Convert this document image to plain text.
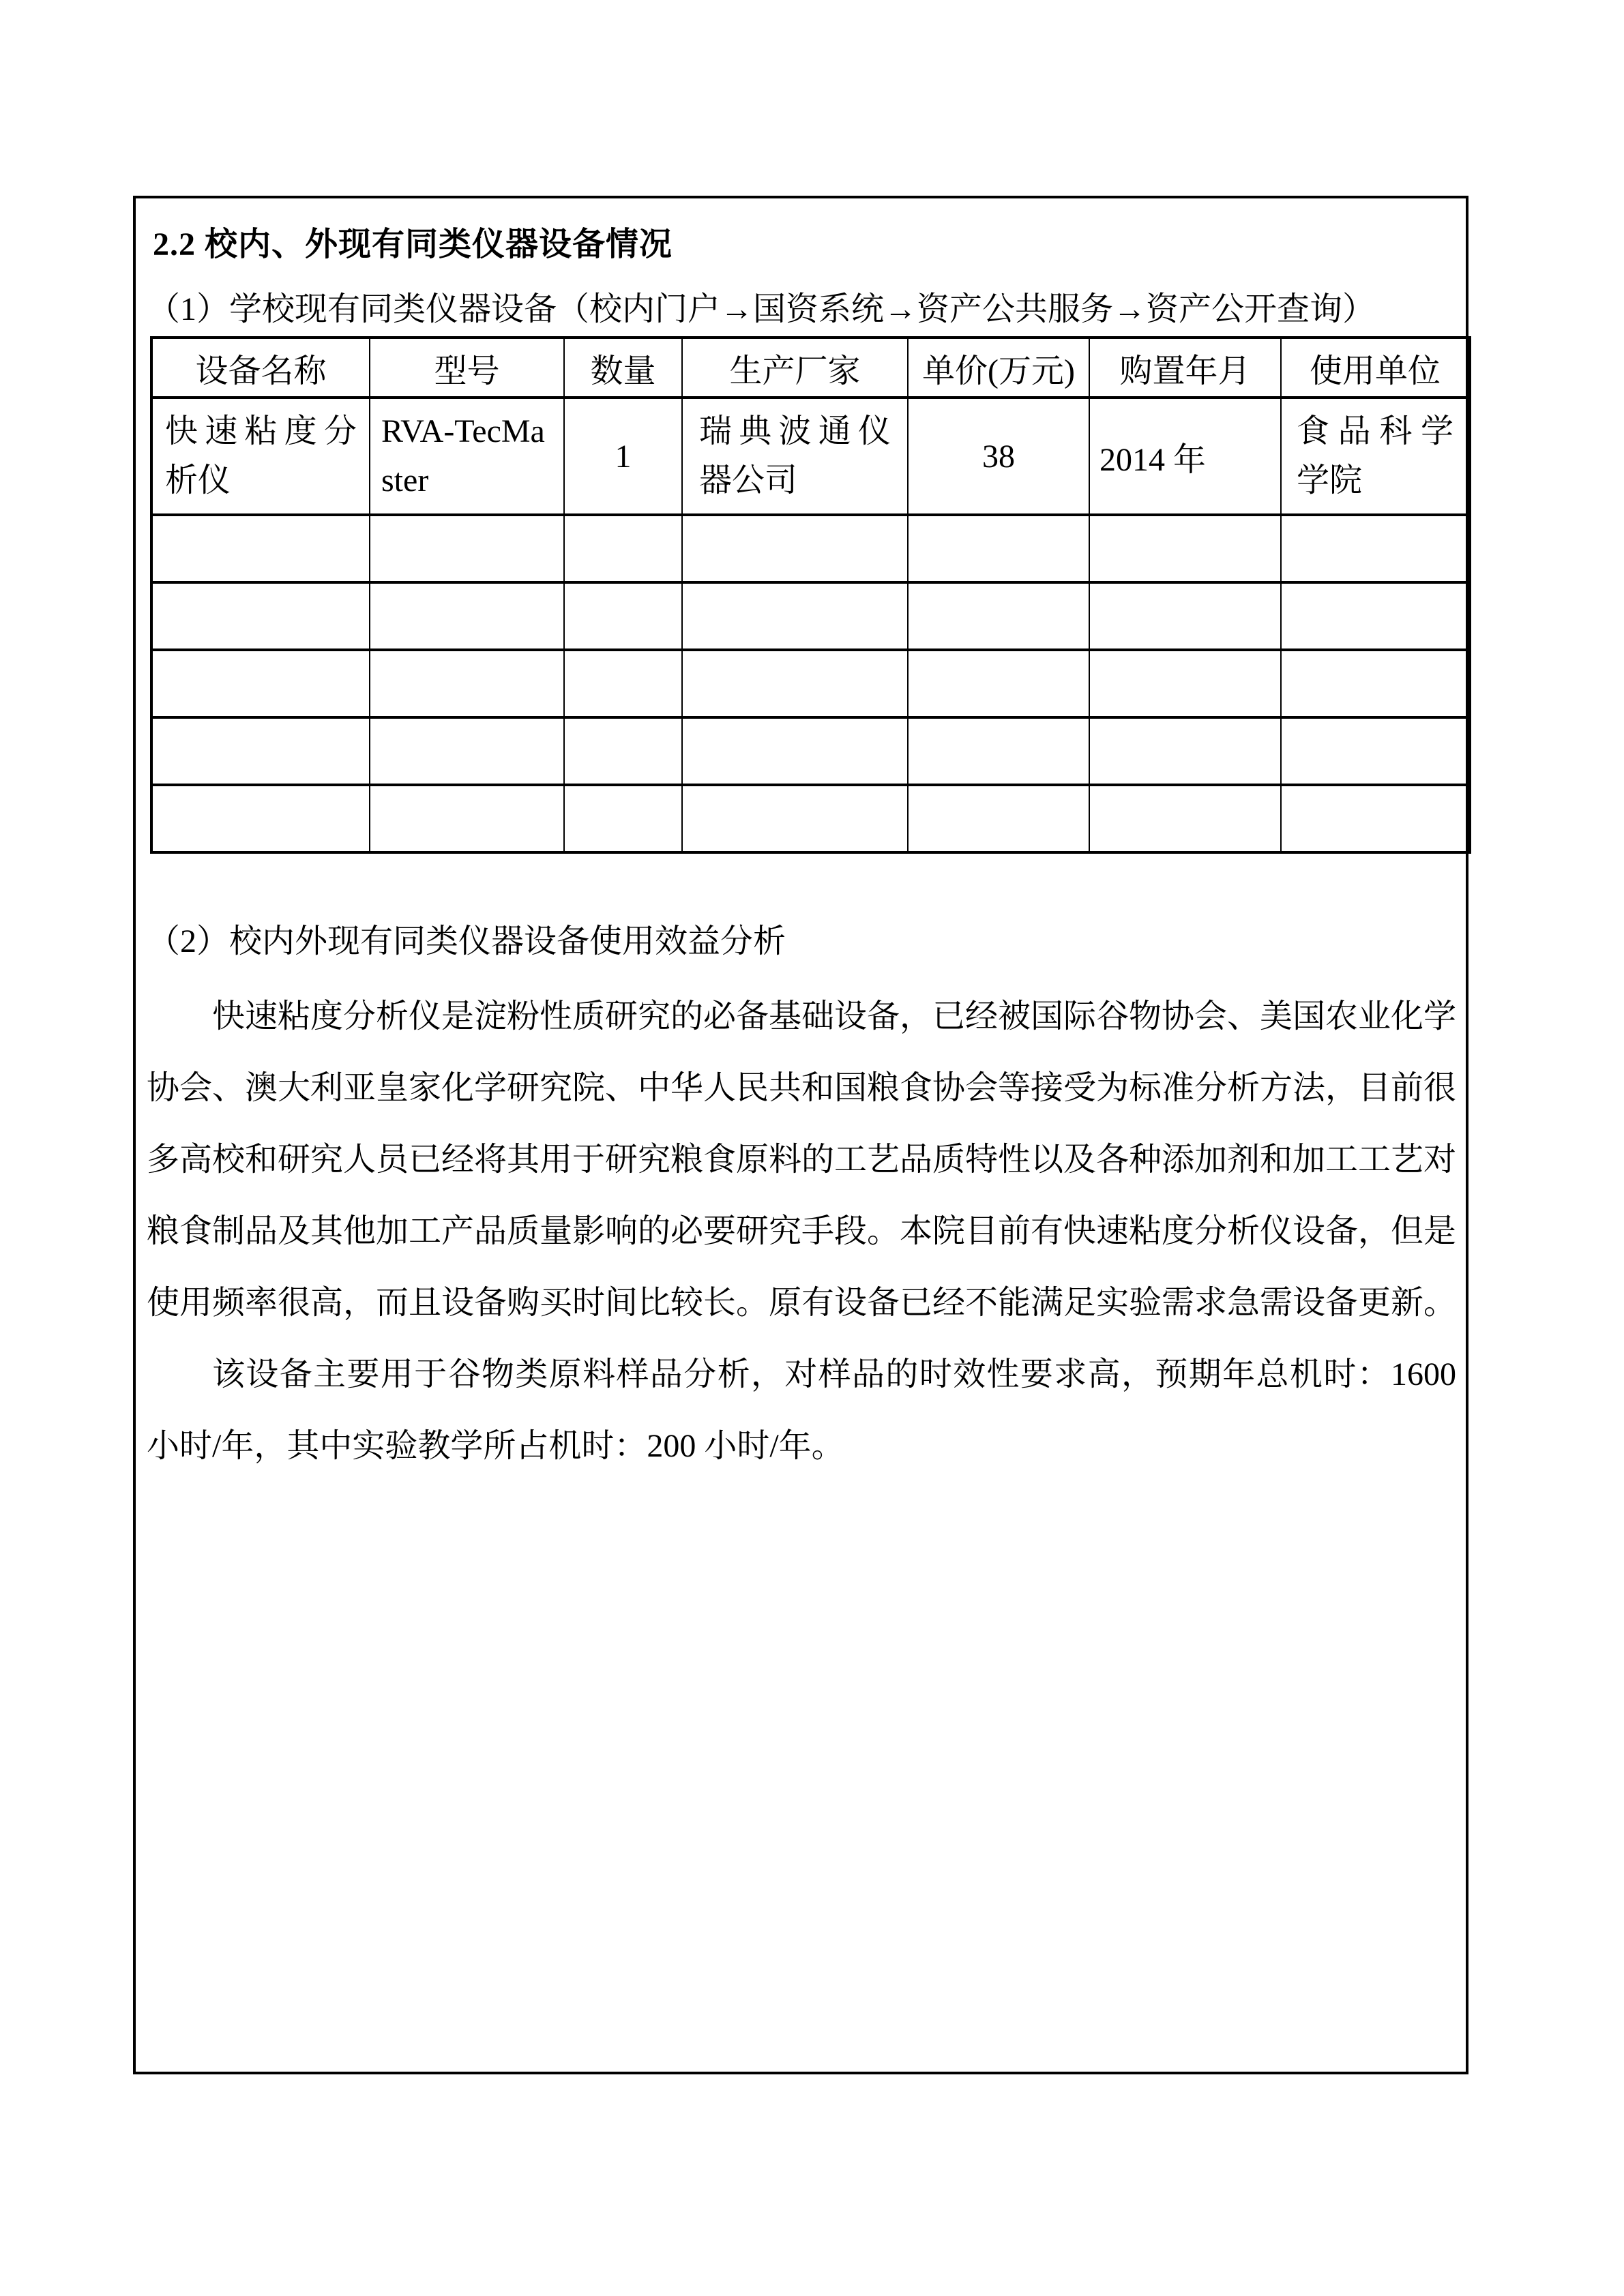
2.2 校内、外现有同类仪器设备情况
（1）学校现有同类仪器设备（校内门户→国资系统→资产公共服务→资产公开查询）
设备名称	型号	数量	生产厂家	单价(万元)	购置年月	使用单位
快速粘度分析仪	RVA-TecMaster	1	瑞典波通仪器公司	38	2014 年	食品科学学院

（2）校内外现有同类仪器设备使用效益分析

快速粘度分析仪是淀粉性质研究的必备基础设备，已经被国际谷物协会、美国农业化学协会、澳大利亚皇家化学研究院、中华人民共和国粮食协会等接受为标准分析方法，目前很多高校和研究人员已经将其用于研究粮食原料的工艺品质特性以及各种添加剂和加工工艺对粮食制品及其他加工产品质量影响的必要研究手段。本院目前有快速粘度分析仪设备，但是使用频率很高，而且设备购买时间比较长。原有设备已经不能满足实验需求急需设备更新。

该设备主要用于谷物类原料样品分析，对样品的时效性要求高，预期年总机时：1600 小时/年，其中实验教学所占机时：200 小时/年。
